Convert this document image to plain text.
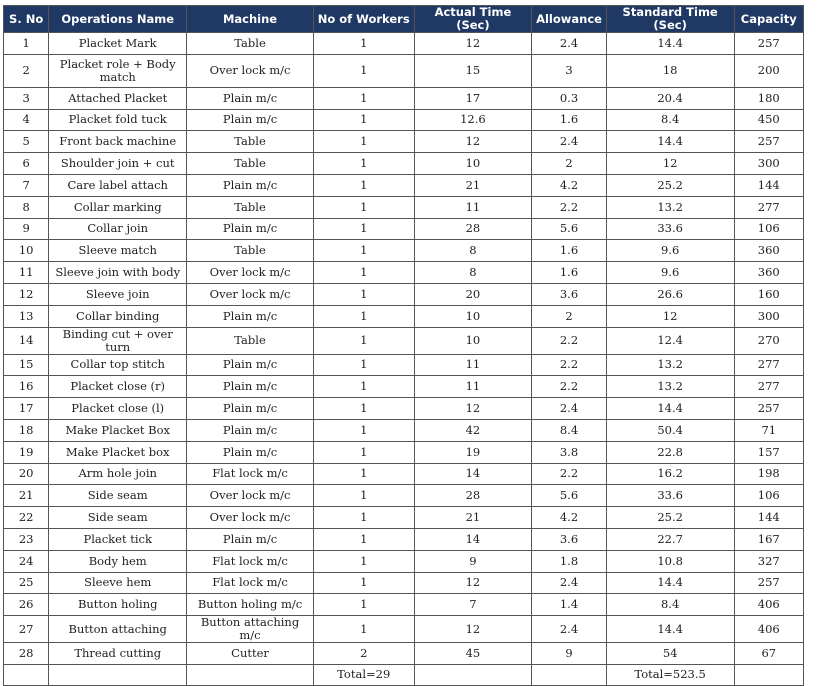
S. No	Operations Name	Machine	No of Workers	Actual Time (Sec)	Allowance	Standard Time (Sec)	Capacity
1	Placket Mark	Table	1	12	2.4	14.4	257
2	Placket role + Body match	Over lock m/c	1	15	3	18	200
3	Attached Placket	Plain m/c	1	17	0.3	20.4	180
4	Placket fold tuck	Plain m/c	1	12.6	1.6	8.4	450
5	Front back machine	Table	1	12	2.4	14.4	257
6	Shoulder join + cut	Table	1	10	2	12	300
7	Care label attach	Plain m/c	1	21	4.2	25.2	144
8	Collar marking	Table	1	11	2.2	13.2	277
9	Collar join	Plain m/c	1	28	5.6	33.6	106
10	Sleeve match	Table	1	8	1.6	9.6	360
11	Sleeve join with body	Over lock m/c	1	8	1.6	9.6	360
12	Sleeve join	Over lock m/c	1	20	3.6	26.6	160
13	Collar binding	Plain m/c	1	10	2	12	300
14	Binding cut + over turn	Table	1	10	2.2	12.4	270
15	Collar top stitch	Plain m/c	1	11	2.2	13.2	277
16	Placket close (r)	Plain m/c	1	11	2.2	13.2	277
17	Placket close (l)	Plain m/c	1	12	2.4	14.4	257
18	Make Placket Box	Plain m/c	1	42	8.4	50.4	71
19	Make Placket box	Plain m/c	1	19	3.8	22.8	157
20	Arm hole join	Flat lock m/c	1	14	2.2	16.2	198
21	Side seam	Over lock m/c	1	28	5.6	33.6	106
22	Side seam	Over lock m/c	1	21	4.2	25.2	144
23	Placket tick	Plain m/c	1	14	3.6	22.7	167
24	Body hem	Flat lock m/c	1	9	1.8	10.8	327
25	Sleeve hem	Flat lock m/c	1	12	2.4	14.4	257
26	Button holing	Button holing m/c	1	7	1.4	8.4	406
27	Button attaching	Button attaching m/c	1	12	2.4	14.4	406
28	Thread cutting	Cutter	2	45	9	54	67
			Total=29			Total=523.5	
